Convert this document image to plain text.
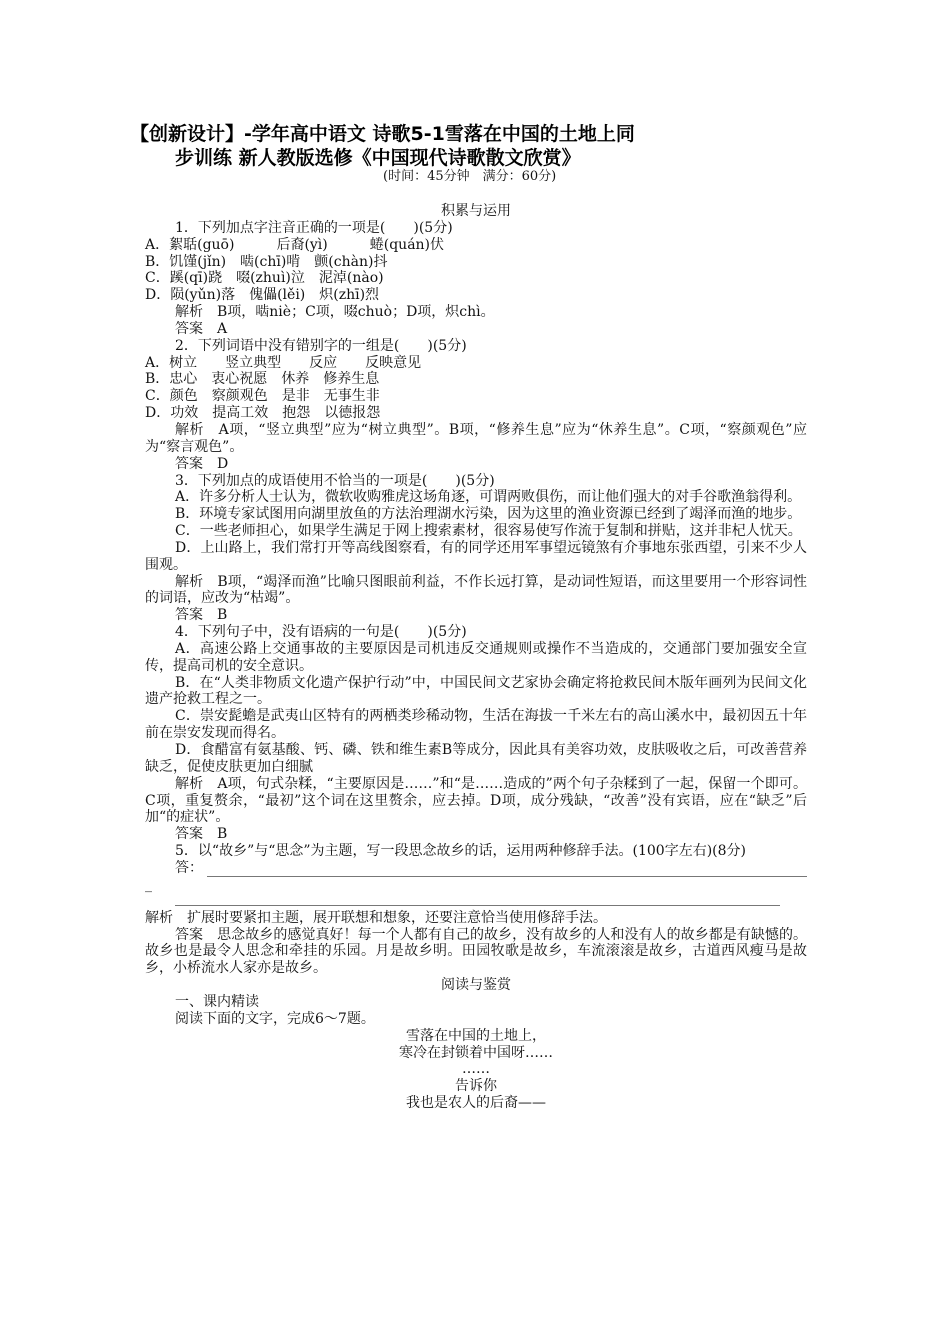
【创新设计】-学年高中语文 诗歌5-1雪落在中国的土地上同
步训练 新人教版选修《中国现代诗歌散文欣赏》
(时间：45分钟　满分：60分)

积累与运用

1．下列加点字注音正确的一项是(　　)(5分)

A．絮聒(guō)　　　后裔(yì)　　　蜷(quán)伏

B．饥馑(jǐn)　啮(chī)啃　颤(chàn)抖

C．蹊(qī)跷　啜(zhuì)泣　泥淖(nào)

D．陨(yǔn)落　傀儡(lěi)　炽(zhī)烈

解析　B项，啮niè；C项，啜chuò；D项，炽chì。

答案　A

2．下列词语中没有错别字的一组是(　　)(5分)

A．树立　　竖立典型　　反应　　反映意见

B．忠心　衷心祝愿　休养　修养生息

C．颜色　察颜观色　是非　无事生非

D．功效　提高工效　抱怨　以德报怨

解析　A项，“竖立典型”应为“树立典型”。B项，“修养生息”应为“休养生息”。C项，“察颜观色”应为“察言观色”。

答案　D

3．下列加点的成语使用不恰当的一项是(　　)(5分)

A．许多分析人士认为，微软收购雅虎这场角逐，可谓两败俱伤，而让他们强大的对手谷歌渔翁得利。

B．环境专家试图用向湖里放鱼的方法治理湖水污染，因为这里的渔业资源已经到了竭泽而渔的地步。

C．一些老师担心，如果学生满足于网上搜索素材，很容易使写作流于复制和拼贴，这并非杞人忧天。

D．上山路上，我们常打开等高线图察看，有的同学还用军事望远镜煞有介事地东张西望，引来不少人围观。

解析　B项，“竭泽而渔”比喻只图眼前利益，不作长远打算，是动词性短语，而这里要用一个形容词性的词语，应改为“枯竭”。

答案　B

4．下列句子中，没有语病的一句是(　　)(5分)

A．高速公路上交通事故的主要原因是司机违反交通规则或操作不当造成的，交通部门要加强安全宣传，提高司机的安全意识。

B．在“人类非物质文化遗产保护行动”中，中国民间文艺家协会确定将抢救民间木版年画列为民间文化遗产抢救工程之一。

C．崇安髭蟾是武夷山区特有的两栖类珍稀动物，生活在海拔一千米左右的高山溪水中，最初因五十年前在崇安发现而得名。

D．食醋富有氨基酸、钙、磷、铁和维生素B等成分，因此具有美容功效，皮肤吸收之后，可改善营养缺乏，促使皮肤更加白细腻

解析　A项，句式杂糅，“主要原因是……”和“是……造成的”两个句子杂糅到了一起，保留一个即可。C项，重复赘余，“最初”这个词在这里赘余，应去掉。D项，成分残缺，“改善”没有宾语，应在“缺乏”后加“的症状”。

答案　B

5．以“故乡”与“思念”为主题，写一段思念故乡的话，运用两种修辞手法。(100字左右)(8分)

答：

_

解析　扩展时要紧扣主题，展开联想和想象，还要注意恰当使用修辞手法。

答案　思念故乡的感觉真好！每一个人都有自己的故乡，没有故乡的人和没有人的故乡都是有缺憾的。故乡也是最令人思念和牵挂的乐园。月是故乡明。田园牧歌是故乡，车流滚滚是故乡，古道西风瘦马是故乡，小桥流水人家亦是故乡。

阅读与鉴赏

一、课内精读

阅读下面的文字，完成6～7题。

雪落在中国的土地上，

寒冷在封锁着中国呀……

……

告诉你

我也是农人的后裔——
